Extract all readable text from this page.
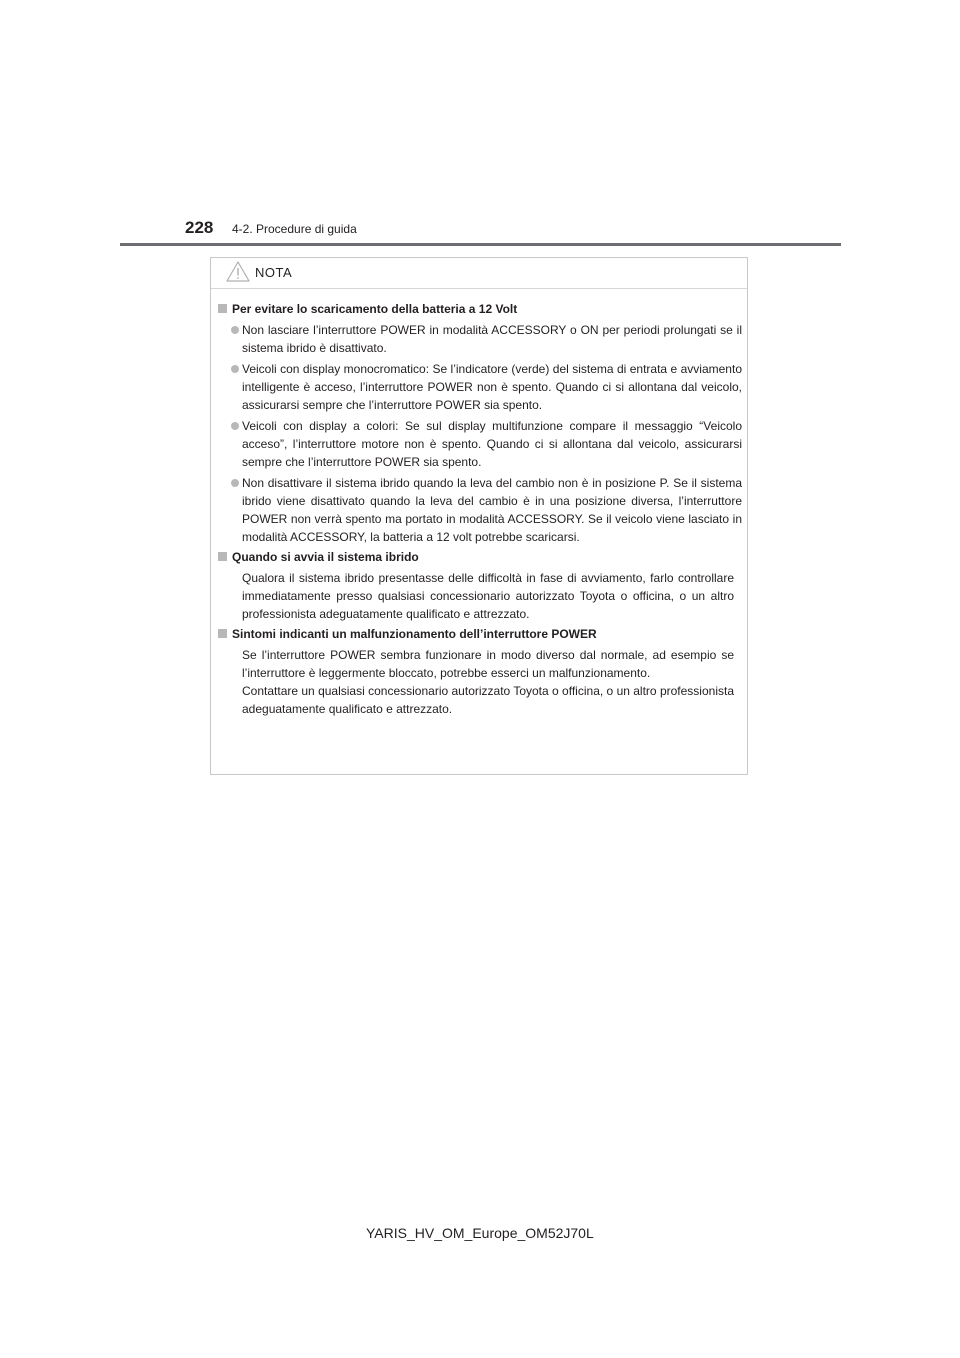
228 4-2. Procedure di guida
NOTA
Per evitare lo scaricamento della batteria a 12 Volt
Non lasciare l’interruttore POWER in modalità ACCESSORY o ON per periodi prolungati se il sistema ibrido è disattivato.
Veicoli con display monocromatico: Se l’indicatore (verde) del sistema di entrata e avviamento intelligente è acceso, l’interruttore POWER non è spento. Quando ci si allontana dal veicolo, assicurarsi sempre che l’interruttore POWER sia spento.
Veicoli con display a colori: Se sul display multifunzione compare il messaggio “Veicolo acceso”, l’interruttore motore non è spento. Quando ci si allontana dal veicolo, assicurarsi sempre che l’interruttore POWER sia spento.
Non disattivare il sistema ibrido quando la leva del cambio non è in posizione P. Se il sistema ibrido viene disattivato quando la leva del cambio è in una posizione diversa, l’interruttore POWER non verrà spento ma portato in modalità ACCESSORY. Se il veicolo viene lasciato in modalità ACCESSORY, la batteria a 12 volt potrebbe scaricarsi.
Quando si avvia il sistema ibrido
Qualora il sistema ibrido presentasse delle difficoltà in fase di avviamento, farlo controllare immediatamente presso qualsiasi concessionario autorizzato Toyota o officina, o un altro professionista adeguatamente qualificato e attrezzato.
Sintomi indicanti un malfunzionamento dell’interruttore POWER
Se l’interruttore POWER sembra funzionare in modo diverso dal normale, ad esempio se l’interruttore è leggermente bloccato, potrebbe esserci un malfunzionamento.
Contattare un qualsiasi concessionario autorizzato Toyota o officina, o un altro professionista adeguatamente qualificato e attrezzato.
YARIS_HV_OM_Europe_OM52J70L
